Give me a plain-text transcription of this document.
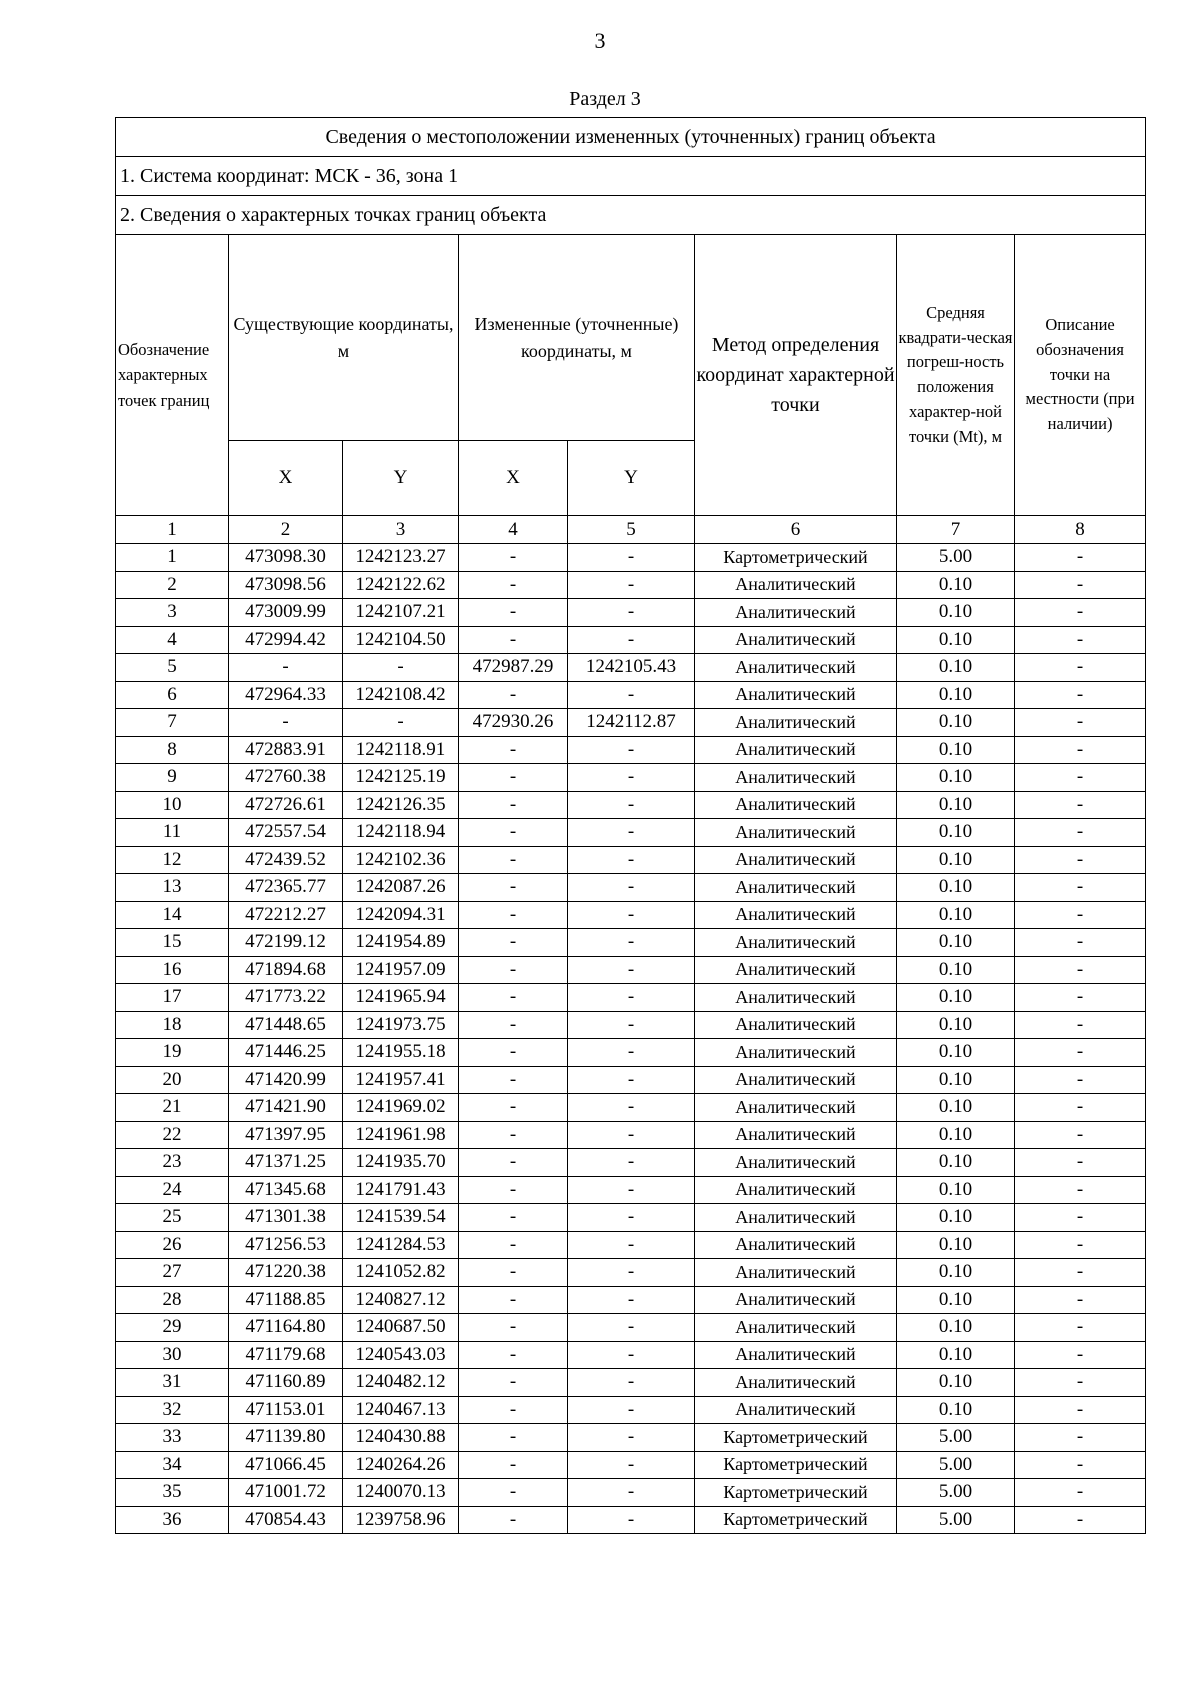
3
Раздел 3
Сведения о местоположении измененных (уточненных) границ объекта							
1. Система координат: МСК - 36, зона 1							
2. Сведения о характерных точках границ объекта							
Обозначение характерных точек границ	Существующие координаты, м		Измененные (уточненные) координаты, м		Метод определения координат характерной точки	Средняя квадрати-ческая погреш-ность положения характер-ной точки (Mt), м	Описание обозначения точки на местности (при наличии)
	X	Y	X	Y			
1	2	3	4	5	6	7	8
1	473098.30	1242123.27	-	-	Картометрический	5.00	-
2	473098.56	1242122.62	-	-	Аналитический	0.10	-
3	473009.99	1242107.21	-	-	Аналитический	0.10	-
4	472994.42	1242104.50	-	-	Аналитический	0.10	-
5	-	-	472987.29	1242105.43	Аналитический	0.10	-
6	472964.33	1242108.42	-	-	Аналитический	0.10	-
7	-	-	472930.26	1242112.87	Аналитический	0.10	-
8	472883.91	1242118.91	-	-	Аналитический	0.10	-
9	472760.38	1242125.19	-	-	Аналитический	0.10	-
10	472726.61	1242126.35	-	-	Аналитический	0.10	-
11	472557.54	1242118.94	-	-	Аналитический	0.10	-
12	472439.52	1242102.36	-	-	Аналитический	0.10	-
13	472365.77	1242087.26	-	-	Аналитический	0.10	-
14	472212.27	1242094.31	-	-	Аналитический	0.10	-
15	472199.12	1241954.89	-	-	Аналитический	0.10	-
16	471894.68	1241957.09	-	-	Аналитический	0.10	-
17	471773.22	1241965.94	-	-	Аналитический	0.10	-
18	471448.65	1241973.75	-	-	Аналитический	0.10	-
19	471446.25	1241955.18	-	-	Аналитический	0.10	-
20	471420.99	1241957.41	-	-	Аналитический	0.10	-
21	471421.90	1241969.02	-	-	Аналитический	0.10	-
22	471397.95	1241961.98	-	-	Аналитический	0.10	-
23	471371.25	1241935.70	-	-	Аналитический	0.10	-
24	471345.68	1241791.43	-	-	Аналитический	0.10	-
25	471301.38	1241539.54	-	-	Аналитический	0.10	-
26	471256.53	1241284.53	-	-	Аналитический	0.10	-
27	471220.38	1241052.82	-	-	Аналитический	0.10	-
28	471188.85	1240827.12	-	-	Аналитический	0.10	-
29	471164.80	1240687.50	-	-	Аналитический	0.10	-
30	471179.68	1240543.03	-	-	Аналитический	0.10	-
31	471160.89	1240482.12	-	-	Аналитический	0.10	-
32	471153.01	1240467.13	-	-	Аналитический	0.10	-
33	471139.80	1240430.88	-	-	Картометрический	5.00	-
34	471066.45	1240264.26	-	-	Картометрический	5.00	-
35	471001.72	1240070.13	-	-	Картометрический	5.00	-
36	470854.43	1239758.96	-	-	Картометрический	5.00	-
